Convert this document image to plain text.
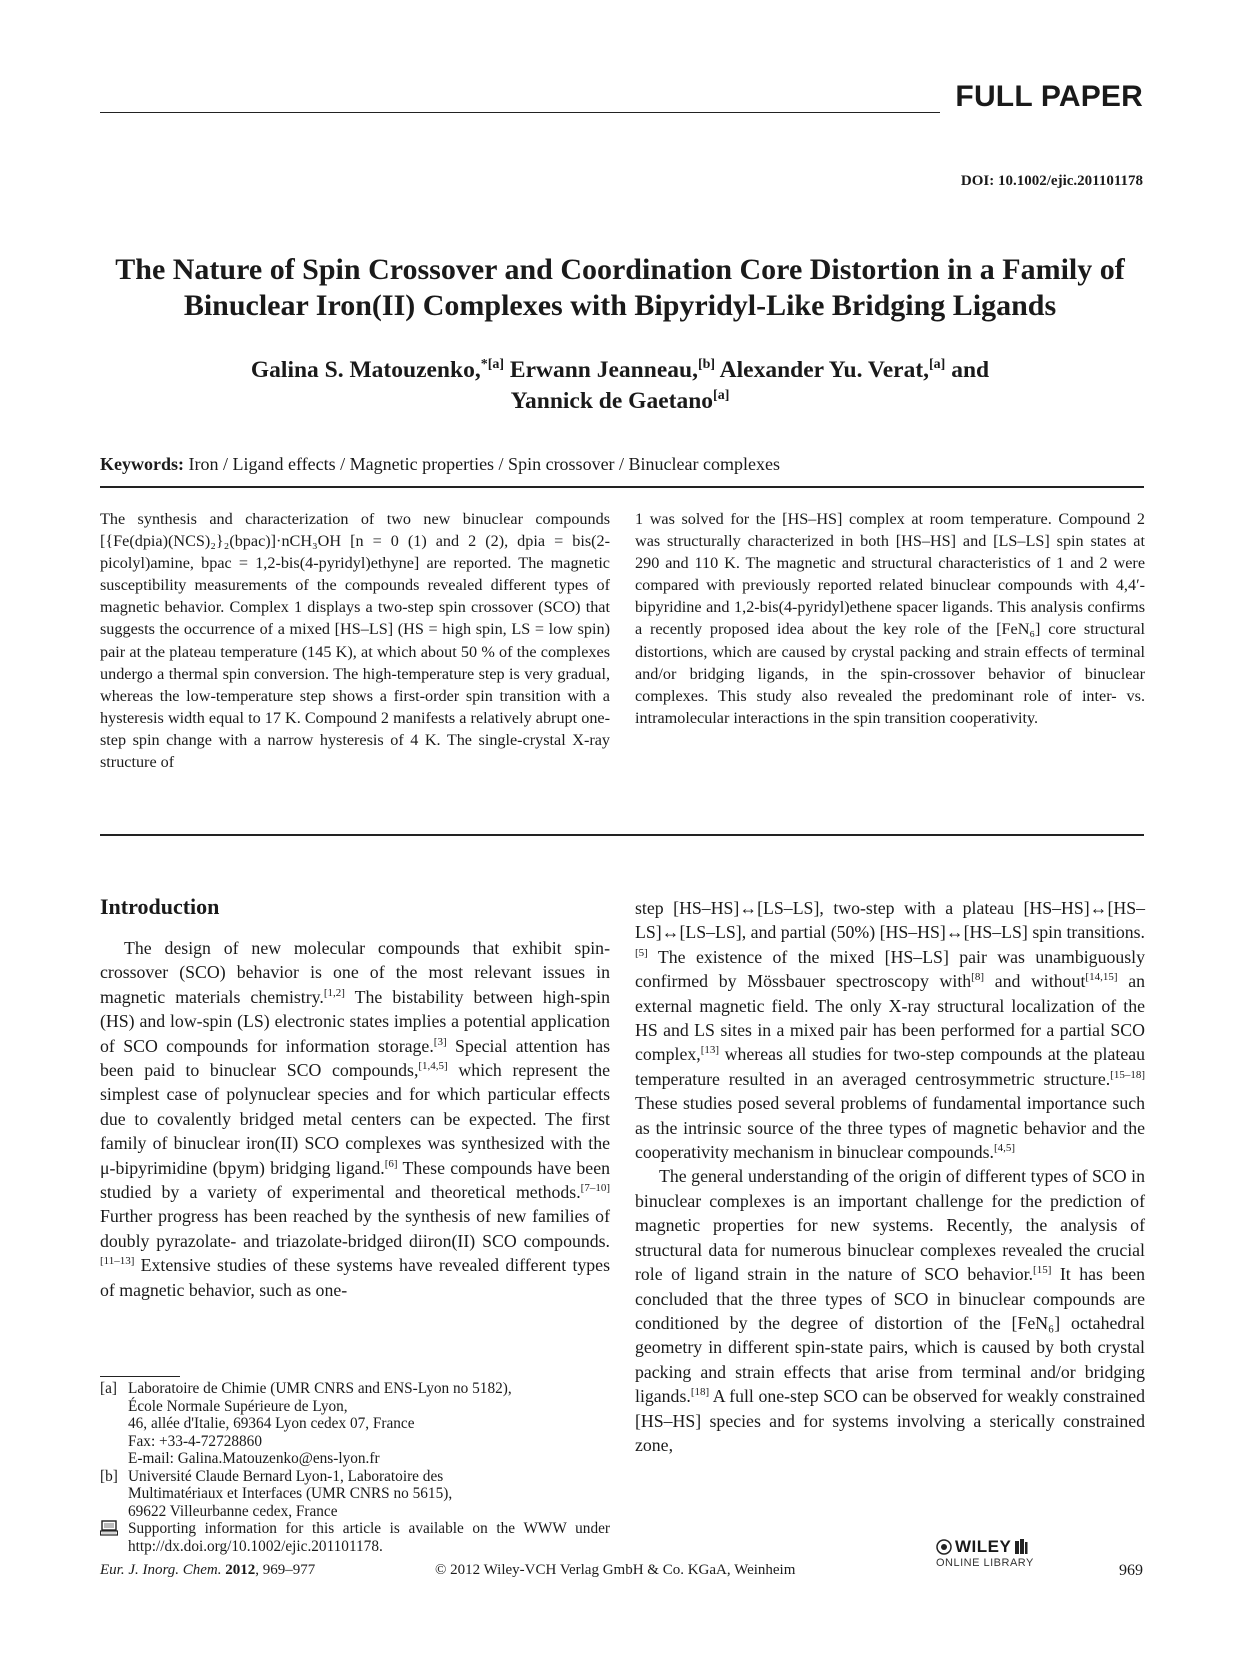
FULL PAPER
DOI: 10.1002/ejic.201101178
The Nature of Spin Crossover and Coordination Core Distortion in a Family of Binuclear Iron(II) Complexes with Bipyridyl-Like Bridging Ligands
Galina S. Matouzenko,$^{*[a]}$ Erwann Jeanneau,[b] Alexander Yu. Verat,[a] and
Yannick de Gaetano[a]
Keywords: Iron / Ligand effects / Magnetic properties / Spin crossover / Binuclear complexes
The synthesis and characterization of two new binuclear compounds [{Fe(dpia)(NCS)₂}₂(bpac)]·nCH₃OH [n = 0 (1) and 2 (2), dpia = bis(2-picolyl)amine, bpac = 1,2-bis(4-pyridyl)ethyne] are reported. The magnetic susceptibility measurements of the compounds revealed different types of magnetic behavior. Complex 1 displays a two-step spin crossover (SCO) that suggests the occurrence of a mixed [HS–LS] (HS = high spin, LS = low spin) pair at the plateau temperature (145 K), at which about 50 % of the complexes undergo a thermal spin conversion. The high-temperature step is very gradual, whereas the low-temperature step shows a first-order spin transition with a hysteresis width equal to 17 K. Compound 2 manifests a relatively abrupt one-step spin change with a narrow hysteresis of 4 K. The single-crystal X-ray structure of
1 was solved for the [HS–HS] complex at room temperature. Compound 2 was structurally characterized in both [HS–HS] and [LS–LS] spin states at 290 and 110 K. The magnetic and structural characteristics of 1 and 2 were compared with previously reported related binuclear compounds with 4,4′-bipyridine and 1,2-bis(4-pyridyl)ethene spacer ligands. This analysis confirms a recently proposed idea about the key role of the [FeN₆] core structural distortions, which are caused by crystal packing and strain effects of terminal and/or bridging ligands, in the spin-crossover behavior of binuclear complexes. This study also revealed the predominant role of inter- vs. intramolecular interactions in the spin transition cooperativity.
Introduction

The design of new molecular compounds that exhibit spin-crossover (SCO) behavior is one of the most relevant issues in magnetic materials chemistry.[1,2] The bistability between high-spin (HS) and low-spin (LS) electronic states implies a potential application of SCO compounds for information storage.[3] Special attention has been paid to binuclear SCO compounds,[1,4,5] which represent the simplest case of polynuclear species and for which particular effects due to covalently bridged metal centers can be expected. The first family of binuclear iron(II) SCO complexes was synthesized with the μ-bipyrimidine (bpym) bridging ligand.[6] These compounds have been studied by a variety of experimental and theoretical methods.[7–10] Further progress has been reached by the synthesis of new families of doubly pyrazolate- and triazolate-bridged diiron(II) SCO compounds.[11–13] Extensive studies of these systems have revealed different types of magnetic behavior, such as one-

step [HS–HS]↔[LS–LS], two-step with a plateau [HS–HS]↔[HS–LS]↔[LS–LS], and partial (50%) [HS–HS]↔[HS–LS] spin transitions.[5] The existence of the mixed [HS–LS] pair was unambiguously confirmed by Mössbauer spectroscopy with[8] and without[14,15] an external magnetic field. The only X-ray structural localization of the HS and LS sites in a mixed pair has been performed for a partial SCO complex,[13] whereas all studies for two-step compounds at the plateau temperature resulted in an averaged centrosymmetric structure.[15–18] These studies posed several problems of fundamental importance such as the intrinsic source of the three types of magnetic behavior and the cooperativity mechanism in binuclear compounds.[4,5]

The general understanding of the origin of different types of SCO in binuclear complexes is an important challenge for the prediction of magnetic properties for new systems. Recently, the analysis of structural data for numerous binuclear complexes revealed the crucial role of ligand strain in the nature of SCO behavior.[15] It has been concluded that the three types of SCO in binuclear compounds are conditioned by the degree of distortion of the [FeN₆] octahedral geometry in different spin-state pairs, which is caused by both crystal packing and strain effects that arise from terminal and/or bridging ligands.[18] A full one-step SCO can be observed for weakly constrained [HS–HS] species and for systems involving a sterically constrained zone,

[a] Laboratoire de Chimie (UMR CNRS and ENS-Lyon no 5182),
École Normale Supérieure de Lyon,
46, allée d'Italie, 69364 Lyon cedex 07, France
Fax: +33-4-72728860
E-mail: Galina.Matouzenko@ens-lyon.fr
[b] Université Claude Bernard Lyon-1, Laboratoire des
Multimatériaux et Interfaces (UMR CNRS no 5615),
69622 Villeurbanne cedex, France
Supporting information for this article is available on the WWW under http://dx.doi.org/10.1002/ejic.201101178.
Eur. J. Inorg. Chem. 2012, 969–977	© 2012 Wiley-VCH Verlag GmbH & Co. KGaA, Weinheim
WILEY
ONLINE LIBRARY	969
